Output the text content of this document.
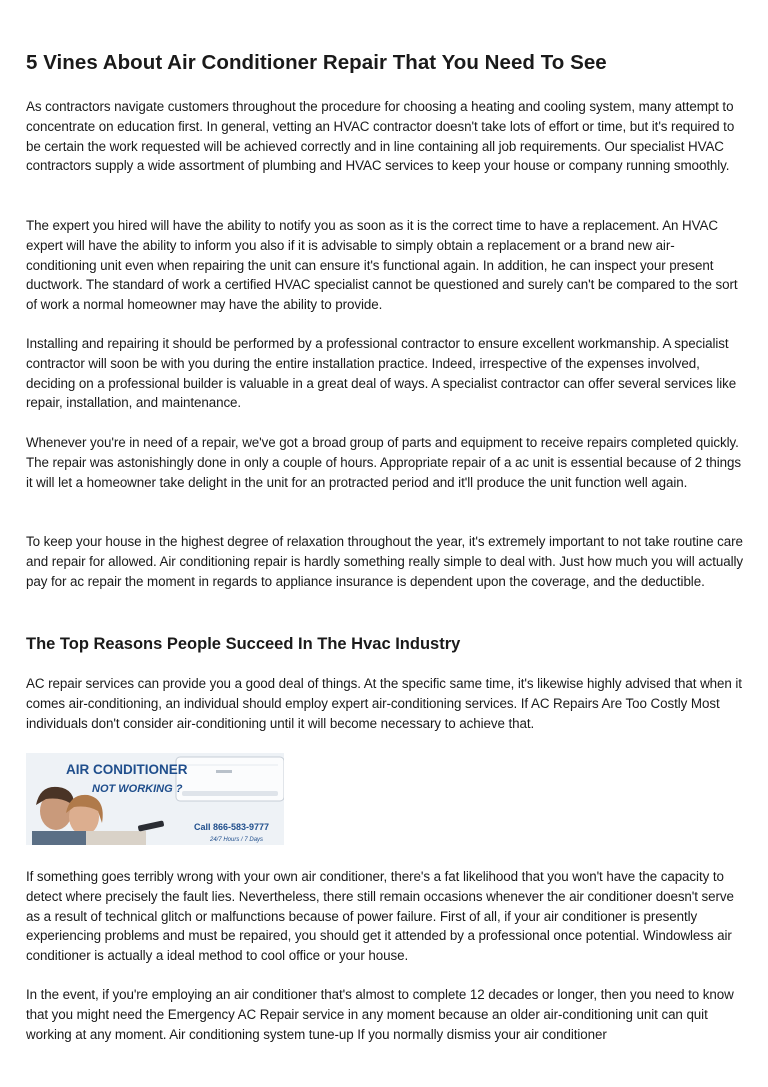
5 Vines About Air Conditioner Repair That You Need To See

As contractors navigate customers throughout the procedure for choosing a heating and cooling system, many attempt to concentrate on education first. In general, vetting an HVAC contractor doesn't take lots of effort or time, but it's required to be certain the work requested will be achieved correctly and in line containing all job requirements. Our specialist HVAC contractors supply a wide assortment of plumbing and HVAC services to keep your house or company running smoothly.

The expert you hired will have the ability to notify you as soon as it is the correct time to have a replacement. An HVAC expert will have the ability to inform you also if it is advisable to simply obtain a replacement or a brand new air-conditioning unit even when repairing the unit can ensure it's functional again. In addition, he can inspect your present ductwork. The standard of work a certified HVAC specialist cannot be questioned and surely can't be compared to the sort of work a normal homeowner may have the ability to provide.

Installing and repairing it should be performed by a professional contractor to ensure excellent workmanship. A specialist contractor will soon be with you during the entire installation practice. Indeed, irrespective of the expenses involved, deciding on a professional builder is valuable in a great deal of ways. A specialist contractor can offer several services like repair, installation, and maintenance.

Whenever you're in need of a repair, we've got a broad group of parts and equipment to receive repairs completed quickly. The repair was astonishingly done in only a couple of hours. Appropriate repair of a ac unit is essential because of 2 things it will let a homeowner take delight in the unit for an protracted period and it'll produce the unit function well again.

To keep your house in the highest degree of relaxation throughout the year, it's extremely important to not take routine care and repair for allowed. Air conditioning repair is hardly something really simple to deal with. Just how much you will actually pay for ac repair the moment in regards to appliance insurance is dependent upon the coverage, and the deductible.

The Top Reasons People Succeed In The Hvac Industry

AC repair services can provide you a good deal of things. At the specific same time, it's likewise highly advised that when it comes air-conditioning, an individual should employ expert air-conditioning services. If AC Repairs Are Too Costly Most individuals don't consider air-conditioning until it will become necessary to achieve that.

AIR CONDITIONER
NOT WORKING ?
Call 866-583-9777
24/7 Hours / 7 Days

If something goes terribly wrong with your own air conditioner, there's a fat likelihood that you won't have the capacity to detect where precisely the fault lies. Nevertheless, there still remain occasions whenever the air conditioner doesn't serve as a result of technical glitch or malfunctions because of power failure. First of all, if your air conditioner is presently experiencing problems and must be repaired, you should get it attended by a professional once potential. Windowless air conditioner is actually a ideal method to cool office or your house.

In the event, if you're employing an air conditioner that's almost to complete 12 decades or longer, then you need to know that you might need the Emergency AC Repair service in any moment because an older air-conditioning unit can quit working at any moment. Air conditioning system tune-up If you normally dismiss your air conditioner
